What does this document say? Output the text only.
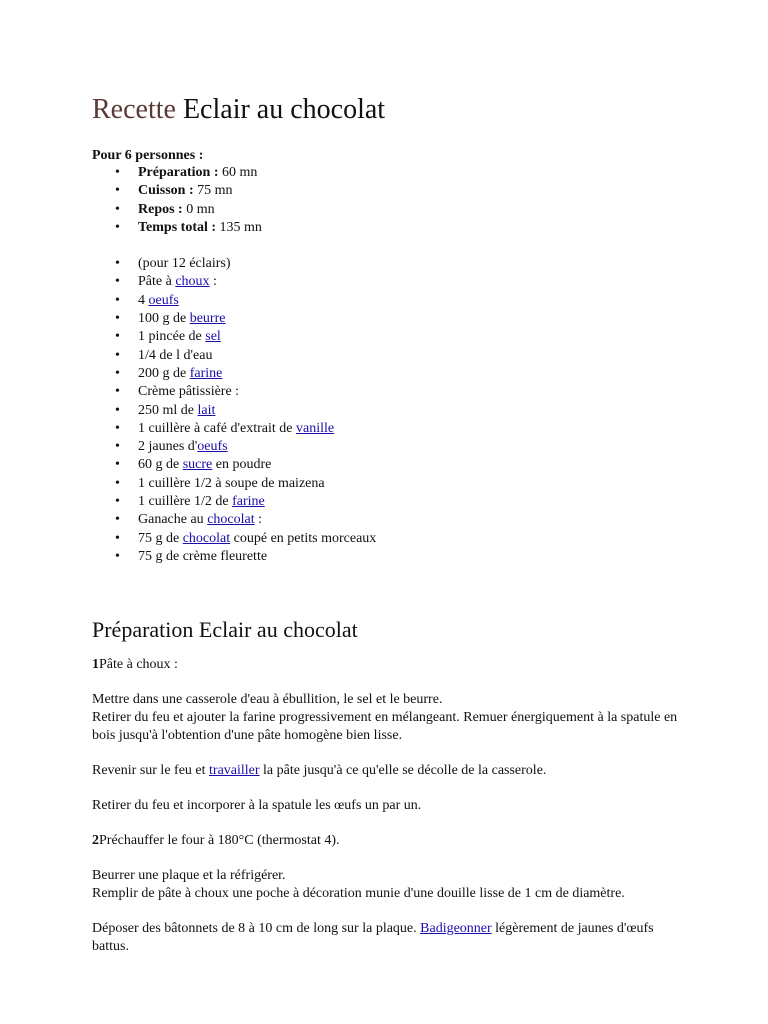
Recette Eclair au chocolat
Pour 6 personnes :
• Préparation : 60 mn
• Cuisson : 75 mn
• Repos : 0 mn
• Temps total : 135 mn
• (pour 12 éclairs)
• Pâte à choux :
• 4 oeufs
• 100 g de beurre
• 1 pincée de sel
• 1/4 de l d'eau
• 200 g de farine
• Crème pâtissière :
• 250 ml de lait
• 1 cuillère à café d'extrait de vanille
• 2 jaunes d'oeufs
• 60 g de sucre en poudre
• 1 cuillère 1/2 à soupe de maizena
• 1 cuillère 1/2 de farine
• Ganache au chocolat :
• 75 g de chocolat coupé en petits morceaux
• 75 g de crème fleurette
Préparation Eclair au chocolat

1Pâte à choux :

Mettre dans une casserole d'eau à ébullition, le sel et le beurre.
Retirer du feu et ajouter la farine progressivement en mélangeant. Remuer énergiquement à la spatule en bois jusqu'à l'obtention d'une pâte homogène bien lisse.

Revenir sur le feu et travailler la pâte jusqu'à ce qu'elle se décolle de la casserole.

Retirer du feu et incorporer à la spatule les œufs un par un.

2Préchauffer le four à 180°C (thermostat 4).

Beurrer une plaque et la réfrigérer.
Remplir de pâte à choux une poche à décoration munie d'une douille lisse de 1 cm de diamètre.

Déposer des bâtonnets de 8 à 10 cm de long sur la plaque. Badigeonner légèrement de jaunes d'œufs battus.
